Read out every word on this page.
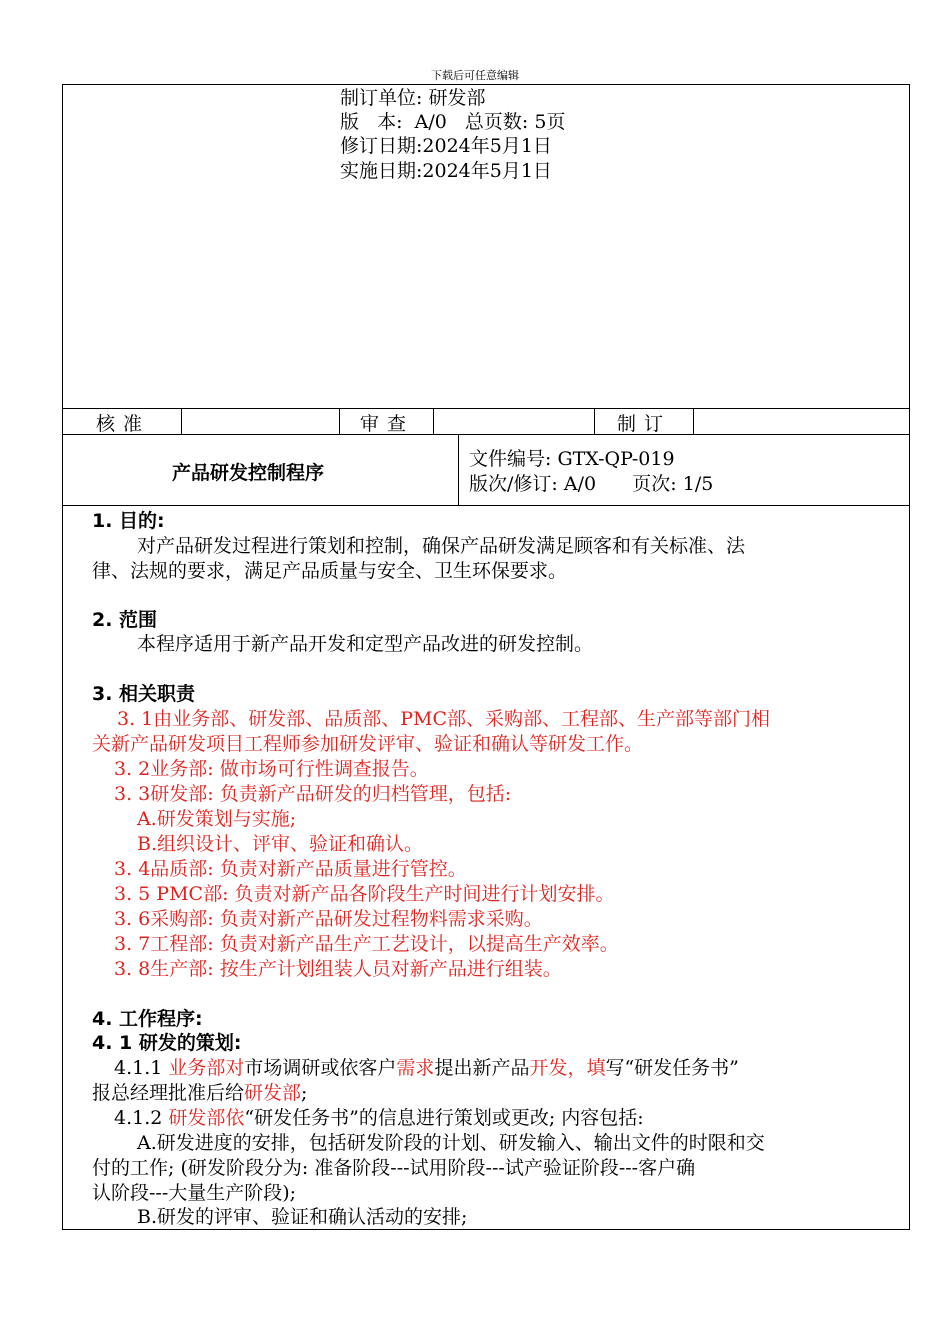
下载后可任意编辑
制订单位: 研发部
版   本:  A/0   总页数: 5页
修订日期:2024年5月1日
实施日期:2024年5月1日
核准	审查	制订
产品研发控制程序
文件编号: GTX-QP-019
版次/修订: A/0      页次: 1/5
1. 目的:
对产品研发过程进行策划和控制，确保产品研发满足顾客和有关标准、法
律、法规的要求，满足产品质量与安全、卫生环保要求。
2. 范围
本程序适用于新产品开发和定型产品改进的研发控制。
3. 相关职责
3. 1由业务部、研发部、品质部、PMC部、采购部、工程部、生产部等部门相
关新产品研发项目工程师参加研发评审、验证和确认等研发工作。
3. 2业务部: 做市场可行性调查报告。
3. 3研发部: 负责新产品研发的归档管理，包括:
A.研发策划与实施;
B.组织设计、评审、验证和确认。
3. 4品质部: 负责对新产品质量进行管控。
3. 5 PMC部: 负责对新产品各阶段生产时间进行计划安排。
3. 6采购部: 负责对新产品研发过程物料需求采购。
3. 7工程部: 负责对新产品生产工艺设计，以提高生产效率。
3. 8生产部: 按生产计划组装人员对新产品进行组装。
4. 工作程序:
4. 1 研发的策划:
4.1.1 业务部对市场调研或依客户需求提出新产品开发，填写“研发任务书”
报总经理批准后给研发部;
4.1.2 研发部依“研发任务书”的信息进行策划或更改; 内容包括:
A.研发进度的安排，包括研发阶段的计划、研发输入、输出文件的时限和交
付的工作; (研发阶段分为: 准备阶段---试用阶段---试产验证阶段---客户确
认阶段---大量生产阶段);
B.研发的评审、验证和确认活动的安排;
